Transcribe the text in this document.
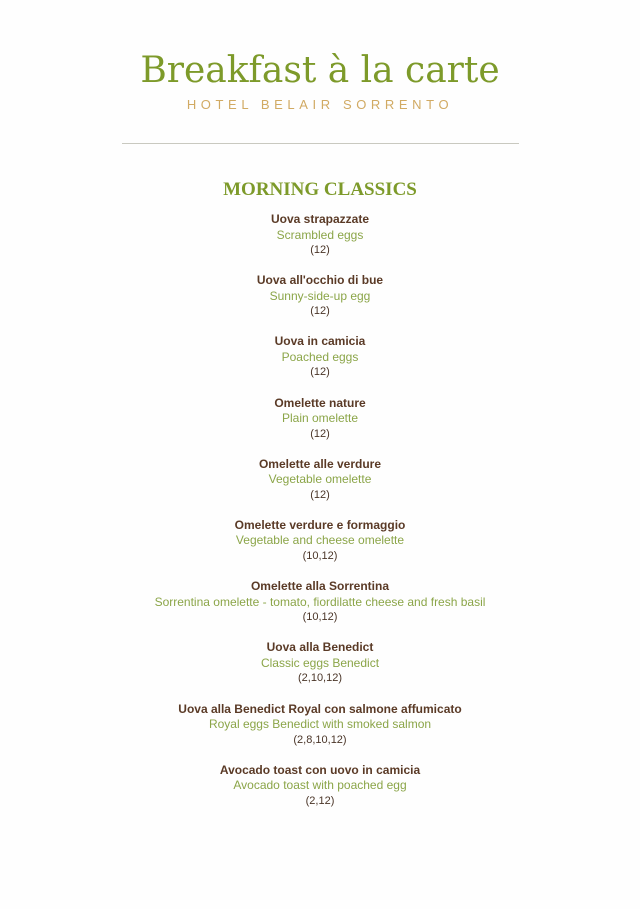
Breakfast à la carte
HOTEL BELAIR SORRENTO
MORNING CLASSICS
Uova strapazzate
Scrambled eggs
(12)
Uova all'occhio di bue
Sunny-side-up egg
(12)
Uova in camicia
Poached eggs
(12)
Omelette nature
Plain omelette
(12)
Omelette alle verdure
Vegetable omelette
(12)
Omelette verdure e formaggio
Vegetable and cheese omelette
(10,12)
Omelette alla Sorrentina
Sorrentina omelette - tomato, fiordilatte cheese and fresh basil
(10,12)
Uova alla Benedict
Classic eggs Benedict
(2,10,12)
Uova alla Benedict Royal con salmone affumicato
Royal eggs Benedict with smoked salmon
(2,8,10,12)
Avocado toast con uovo in camicia
Avocado toast with poached egg
(2,12)
